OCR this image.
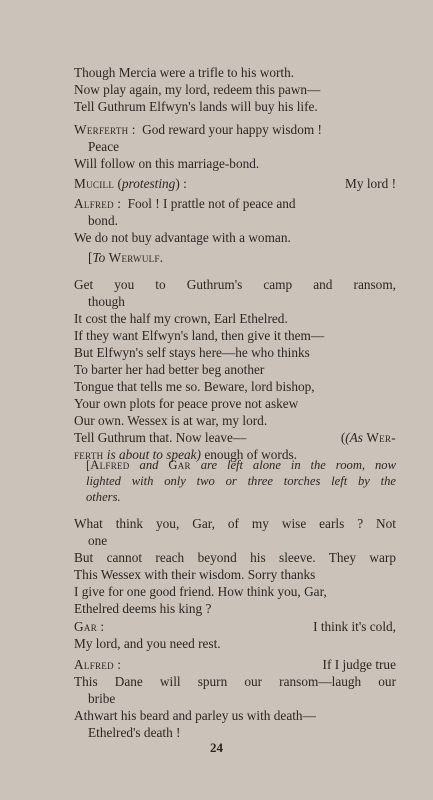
Though Mercia were a trifle to his worth.
Now play again, my lord, redeem this pawn—
Tell Guthrum Elfwyn's lands will buy his life.
Werferth :  God reward your happy wisdom !
Peace
Will follow on this marriage-bond.
Mucill (protesting) :	My lord !
Alfred :  Fool ! I prattle not of peace and
bond.
We do not buy advantage with a woman.
[To Werwulf.
Get you to Guthrum's camp and ransom,
though
It cost the half my crown, Earl Ethelred.
If they want Elfwyn's land, then give it them—
But Elfwyn's self stays here—he who thinks
To barter her had better beg another
Tongue that tells me so. Beware, lord bishop,
Your own plots for peace prove not askew
Our own. Wessex is at war, my lord.
Tell Guthrum that. Now leave—	((As Wer-
ferth is about to speak) enough of words.
[Alfred and Gar are left alone in the room, now
lighted with only two or three torches left by the
others.
What think you, Gar, of my wise earls ? Not
one
But cannot reach beyond his sleeve. They warp
This Wessex with their wisdom. Sorry thanks
I give for one good friend. How think you, Gar,
Ethelred deems his king ?
Gar :	I think it's cold,
My lord, and you need rest.
Alfred :	If I judge true
This Dane will spurn our ransom—laugh our
bribe
Athwart his beard and parley us with death—
Ethelred's death !
24
